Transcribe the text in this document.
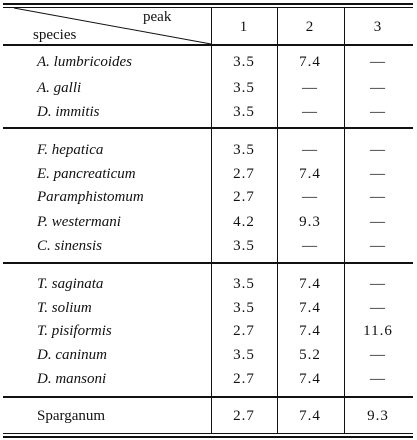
peak
species	1	2	3
A. lumbricoides	3.5	7.4	—
A. galli	3.5	—	—
D. immitis	3.5	—	—
F. hepatica	3.5	—	—
E. pancreaticum	2.7	7.4	—
Paramphistomum	2.7	—	—
P. westermani	4.2	9.3	—
C. sinensis	3.5	—	—
T. saginata	3.5	7.4	—
T. solium	3.5	7.4	—
T. pisiformis	2.7	7.4	11.6
D. caninum	3.5	5.2	—
D. mansoni	2.7	7.4	—
Sparganum	2.7	7.4	9.3
